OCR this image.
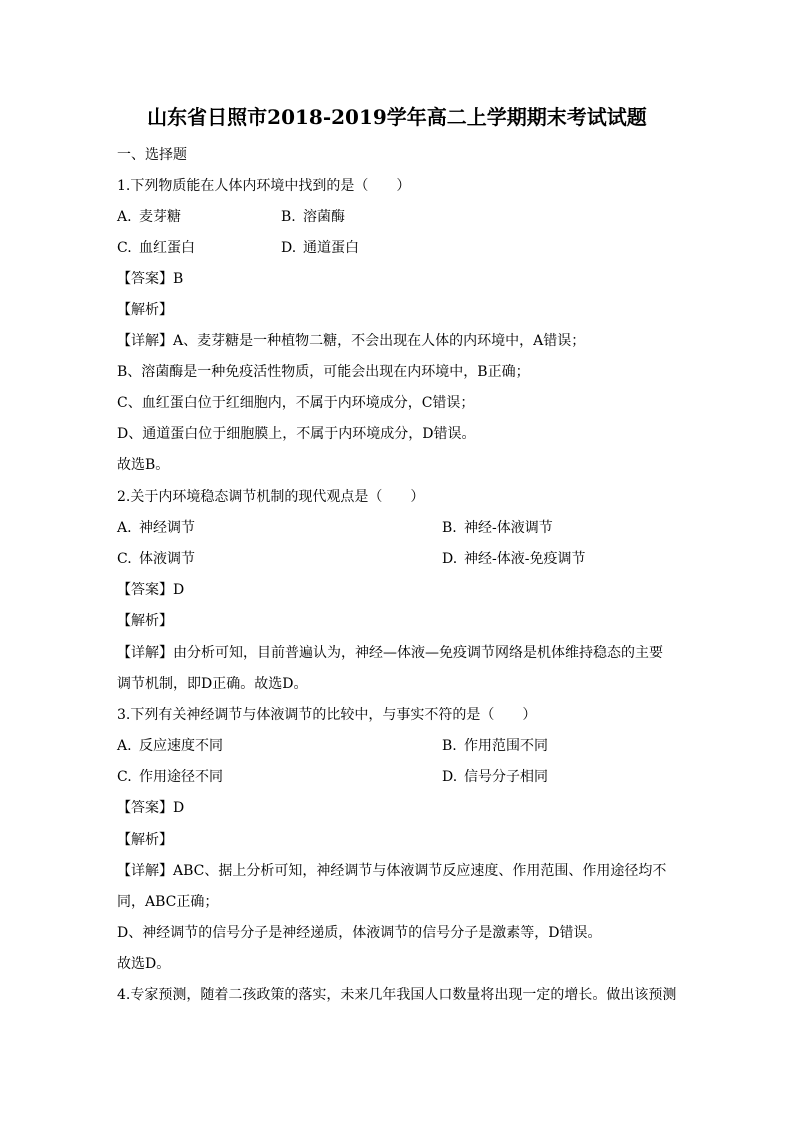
山东省日照市2018-2019学年高二上学期期末考试试题
一、选择题
1.下列物质能在人体内环境中找到的是（　　）
A. 麦芽糖	B. 溶菌酶
C. 血红蛋白	D. 通道蛋白
【答案】B
【解析】
【详解】A、麦芽糖是一种植物二糖，不会出现在人体的内环境中，A错误；
B、溶菌酶是一种免疫活性物质，可能会出现在内环境中，B正确；
C、血红蛋白位于红细胞内，不属于内环境成分，C错误；
D、通道蛋白位于细胞膜上，不属于内环境成分，D错误。
故选B。
2.关于内环境稳态调节机制的现代观点是（　　）
A. 神经调节	B. 神经-体液调节
C. 体液调节	D. 神经-体液-免疫调节
【答案】D
【解析】
【详解】由分析可知，目前普遍认为，神经—体液—免疫调节网络是机体维持稳态的主要
调节机制，即D正确。故选D。
3.下列有关神经调节与体液调节的比较中，与事实不符的是（　　）
A. 反应速度不同	B. 作用范围不同
C. 作用途径不同	D. 信号分子相同
【答案】D
【解析】
【详解】ABC、据上分析可知，神经调节与体液调节反应速度、作用范围、作用途径均不
同，ABC正确；
D、神经调节的信号分子是神经递质，体液调节的信号分子是激素等，D错误。
故选D。
4.专家预测，随着二孩政策的落实，未来几年我国人口数量将出现一定的增长。做出该预测
